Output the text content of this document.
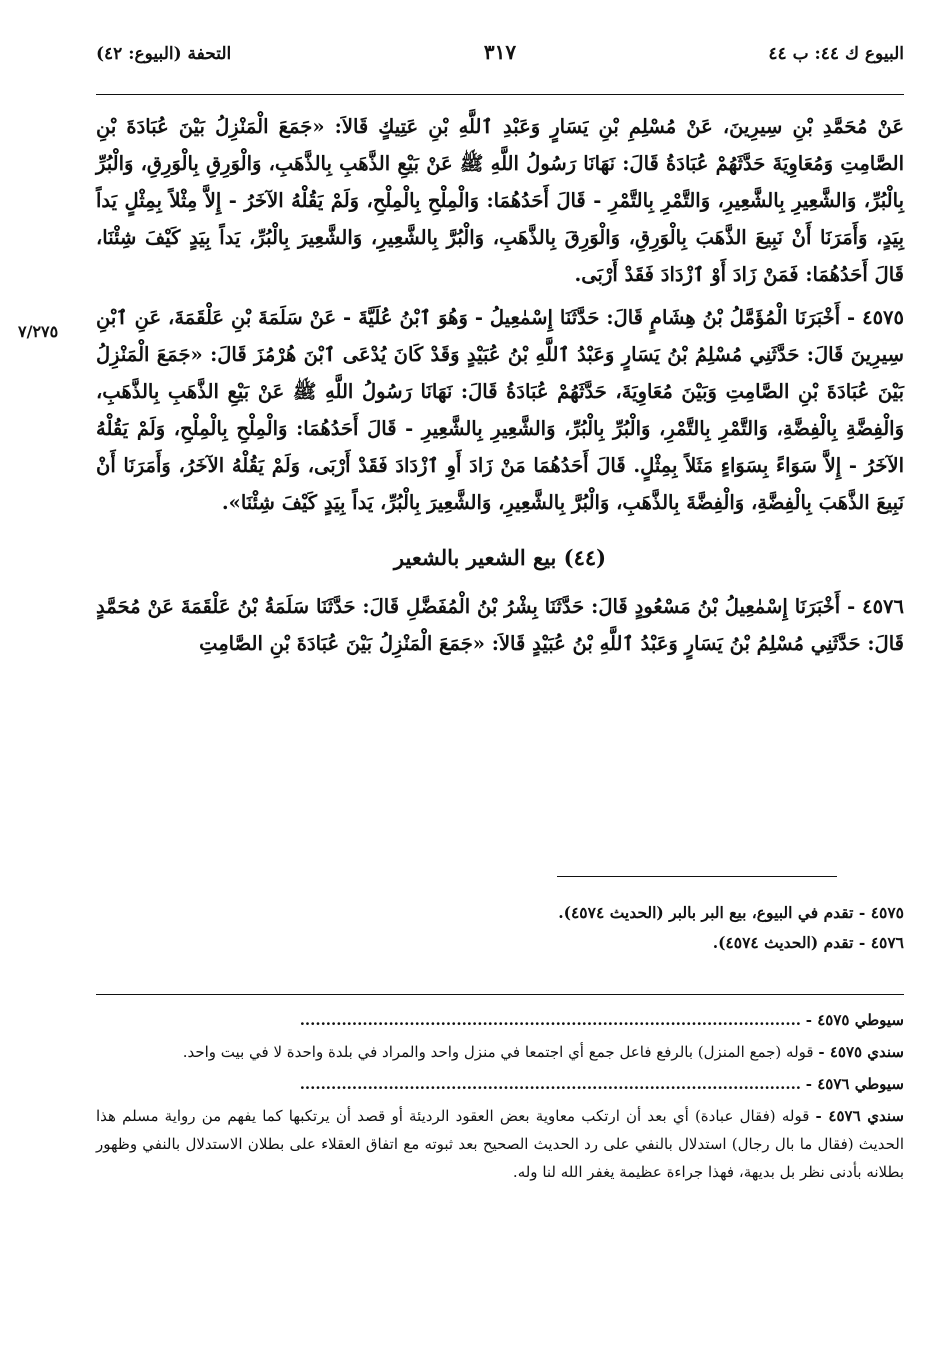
البيوع ك ٤٤: ب ٤٤
٣١٧
التحفة (البيوع: ٤٢)
٧/٢٧٥

عَنْ مُحَمَّدِ بْنِ سِيرِينَ، عَنْ مُسْلِمِ بْنِ يَسَارٍ وَعَبْدِ ٱللَّهِ بْنِ عَتِيكٍ قَالاَ: «جَمَعَ الْمَنْزِلُ بَيْنَ عُبَادَةَ بْنِ الصَّامِتِ وَمُعَاوِيَةَ حَدَّثَهُمْ عُبَادَةُ قَالَ: نَهَانَا رَسُولُ اللَّهِ ﷺ عَنْ بَيْعِ الذَّهَبِ بِالذَّهَبِ، وَالْوَرِقِ بِالْوَرِقِ، وَالْبُرِّ بِالْبُرِّ، وَالشَّعِيرِ بِالشَّعِيرِ، وَالتَّمْرِ بِالتَّمْرِ - قَالَ أَحَدُهُمَا: وَالْمِلْحِ بِالْمِلْحِ، وَلَمْ يَقُلْهُ الآخَرُ - إِلاَّ مِثْلاً بِمِثْلٍ يَداً بِيَدٍ، وَأَمَرَنَا أَنْ نَبِيعَ الذَّهَبَ بِالْوَرِقِ، وَالْوَرِقَ بِالذَّهَبِ، وَالْبُرَّ بِالشَّعِيرِ، وَالشَّعِيرَ بِالْبُرِّ، يَداً بِيَدٍ كَيْفَ شِئْنَا، قَالَ أَحَدُهُمَا: فَمَنْ زَادَ أَوْ ٱزْدَادَ فَقَدْ أَرْبَى.

٤٥٧٥ - أَخْبَرَنَا الْمُؤَمَّلُ بْنُ هِشَامٍ قَالَ: حَدَّثَنَا إِسْمٰعِيلُ - وَهُوَ ٱبْنُ عُلَيَّةَ - عَنْ سَلَمَةَ بْنِ عَلْقَمَةَ، عَنِ ٱبْنِ سِيرِينَ قَالَ: حَدَّثَنِي مُسْلِمُ بْنُ يَسَارٍ وَعَبْدُ ٱللَّهِ بْنُ عُبَيْدٍ وَقَدْ كَانَ يُدْعَى ٱبْنَ هُرْمُزَ قَالَ: «جَمَعَ الْمَنْزِلُ بَيْنَ عُبَادَةَ بْنِ الصَّامِتِ وَبَيْنَ مُعَاوِيَةَ، حَدَّثَهُمْ عُبَادَةُ قَالَ: نَهَانَا رَسُولُ اللَّهِ ﷺ عَنْ بَيْعِ الذَّهَبِ بِالذَّهَبِ، وَالْفِضَّةِ بِالْفِضَّةِ، وَالتَّمْرِ بِالتَّمْرِ، وَالْبُرِّ بِالْبُرِّ، وَالشَّعِيرِ بِالشَّعِيرِ - قَالَ أَحَدُهُمَا: وَالْمِلْحِ بِالْمِلْحِ، وَلَمْ يَقُلْهُ الآخَرُ - إِلاَّ سَوَاءً بِسَوَاءٍ مَثَلاً بِمِثْلٍ. قَالَ أَحَدُهُمَا مَنْ زَادَ أَوِ ٱزْدَادَ فَقَدْ أَرْبَى، وَلَمْ يَقُلْهُ الآخَرُ، وَأَمَرَنَا أَنْ نَبِيعَ الذَّهَبَ بِالْفِضَّةِ، وَالْفِضَّةَ بِالذَّهَبِ، وَالْبُرَّ بِالشَّعِيرِ، وَالشَّعِيرَ بِالْبُرِّ، يَداً بِيَدٍ كَيْفَ شِئْنَا».

(٤٤) بيع الشعير بالشعير

٤٥٧٦ - أَخْبَرَنَا إِسْمٰعِيلُ بْنُ مَسْعُودٍ قَالَ: حَدَّثَنَا بِشْرُ بْنُ الْمُفَضَّلِ قَالَ: حَدَّثَنَا سَلَمَةُ بْنُ عَلْقَمَةَ عَنْ مُحَمَّدٍ قَالَ: حَدَّثَنِي مُسْلِمُ بْنُ يَسَارٍ وَعَبْدُ ٱللَّهِ بْنُ عُبَيْدٍ قَالاَ: «جَمَعَ الْمَنْزِلُ بَيْنَ عُبَادَةَ بْنِ الصَّامِتِ

٤٥٧٥ - تقدم في البيوع، بيع البر بالبر (الحديث ٤٥٧٤).
٤٥٧٦ - تقدم (الحديث ٤٥٧٤).
سيوطي ٤٥٧٥ - ................................................................................................
سندي ٤٥٧٥ - قوله (جمع المنزل) بالرفع فاعل جمع أي اجتمعا في منزل واحد والمراد في بلدة واحدة لا في بيت واحد.
سيوطي ٤٥٧٦ - ................................................................................................
سندي ٤٥٧٦ - قوله (فقال عبادة) أي بعد أن ارتكب معاوية بعض العقود الرديئة أو قصد أن يرتكبها كما يفهم من رواية مسلم هذا الحديث (فقال ما بال رجال) استدلال بالنفي على رد الحديث الصحيح بعد ثبوته مع اتفاق العقلاء على بطلان الاستدلال بالنفي وظهور بطلانه بأدنى نظر بل بديهة، فهذا جراءة عظيمة يغفر الله لنا وله.
